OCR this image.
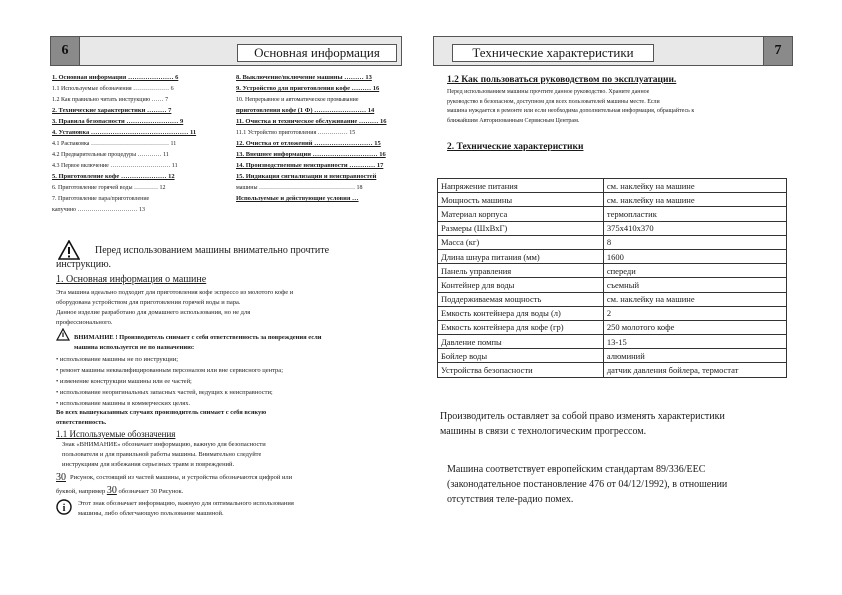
6	Основная информация
1. Основная информация ………………… 6
1.1 Используемые обозначения ……………… 6
1.2 Как правильно читать инструкцию …… 7
2. Технические характеристики ……… 7
3. Правила безопасности …………………… 9
4. Установка ……………………………………… 11
4.1 Распаковка ………………………………… 11
4.2 Предварительные процедуры ………… 11
4.3 Первое включение ………………………… 11
5. Приготовление кофе ………………… 12
6. Приготовление горячей воды ………… 12
7. Приготовление пара/приготовление
капучино ………………………… 13
8. Выключение/включение машины ……… 13
9. Устройство для приготовления кофе ……… 16
10. Непрерывное и автоматическое промывание
приготовления кофе (1 Ф) …………………… 14
11. Очистка и техническое обслуживание ……… 16
11.1 Устройство приготовления …………… 15
12. Очистка от отложений ……………………… 15
13. Внешнее информации ………………………… 16
14. Производственные неисправности ………… 17
15. Индикация сигнализации и неисправностей
машины ………………………………………… 18
Используемые и действующие условия …
Перед использованием машины внимательно прочтите
инструкцию.
1. Основная информация о машине
Эта машина идеально подходит для приготовления кофе эспрессо из молотого кофе и
оборудована устройством для приготовления горячей воды и пара.
Данное изделие разработано для домашнего использования, но не для
профессионального.
ВНИМАНИЕ ! Производитель снимает с себя ответственность за повреждения если
машина используется не по назначению:
• использование машины не по инструкции;
• ремонт машины неквалифицированным персоналом или вне сервисного центра;
• изменение конструкции машины или ее частей;
• использование неоригинальных запасных частей, ведущих к неисправности;
• использование машины в коммерческих целях.
Во всех вышеуказанных случаях производитель снимает с себя всякую
ответственность.
1.1 Используемые обозначения
Знак «ВНИМАНИЕ» обозначает информацию, важную для безопасности
пользователя и для правильной работы машины. Внимательно следуйте
инструкциям для избежания серьезных травм и повреждений.
30 Рисунок, состоящий из частей машины, и устройства обозначаются цифрой или
буквой, например 30 обозначает 30 Рисунок.
i Этот знак обозначает информацию, важную для оптимального использования
машины, либо облегчающую пользование машиной.
Технические характеристики	7
1.2 Как пользоваться руководством по эксплуатации.
Перед использованием машины прочтите данное руководство. Храните данное
руководство в безопасном, доступном для всех пользователей машины месте. Если
машина нуждается в ремонте или если необходима дополнительная информация, обращайтесь к
ближайшим Авторизованным Сервисным Центрам.
2. Технические характеристики
Напряжение питания	см. наклейку на машине
Мощность машины	см. наклейку на машине
Материал корпуса	термопластик
Размеры (ШхВхГ)	375х410х370
Масса (кг)	8
Длина шнура питания (мм)	1600
Панель управления	спереди
Контейнер для воды	съемный
Поддерживаемая мощность	см. наклейку на машине
Емкость контейнера для воды (л)	2
Емкость контейнера для кофе (гр)	250 молотого кофе
Давление помпы	13-15
Бойлер воды	алюминий
Устройства безопасности	датчик давления бойлера, термостат
Производитель оставляет за собой право изменять характеристики
машины в связи с технологическим прогрессом.
Машина соответствует европейским стандартам 89/336/EEC
(законодательное постановление 476 от 04/12/1992), в отношении
отсутствия теле-радио помех.
